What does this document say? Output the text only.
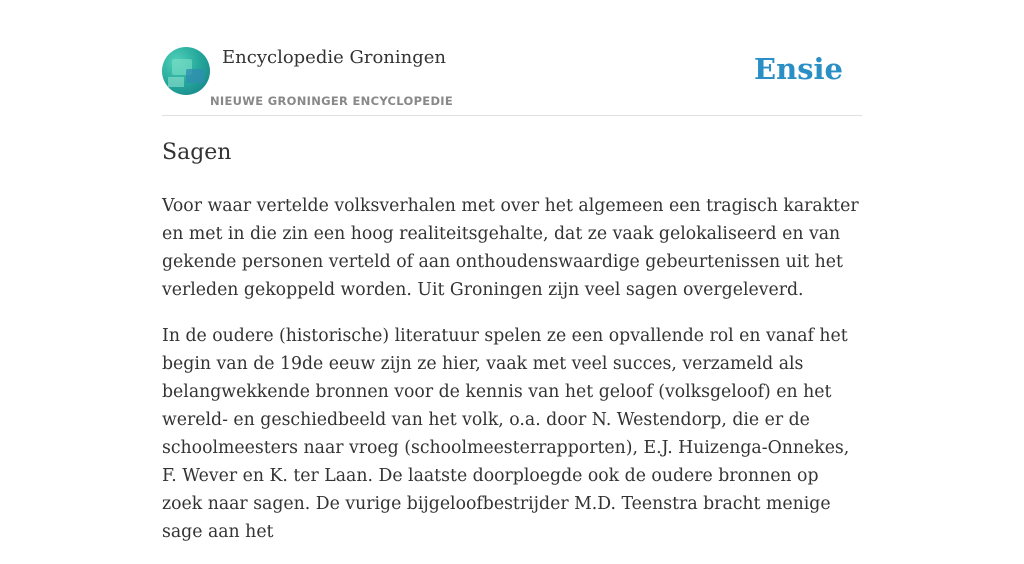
Encyclopedie Groningen
NIEUWE GRONINGER ENCYCLOPEDIE
Ensie
Sagen

Voor waar vertelde volksverhalen met over het algemeen een tragisch karakter en met in die zin een hoog realiteitsgehalte, dat ze vaak gelokaliseerd en van gekende personen verteld of aan onthoudenswaardige gebeurtenissen uit het verleden gekoppeld worden. Uit Groningen zijn veel sagen overgeleverd.

In de oudere (historische) literatuur spelen ze een opvallende rol en vanaf het begin van de 19de eeuw zijn ze hier, vaak met veel succes, verzameld als belangwekkende bronnen voor de kennis van het geloof (volksgeloof) en het wereld- en geschiedbeeld van het volk, o.a. door N. Westendorp, die er de schoolmeesters naar vroeg (schoolmeesterrapporten), E.J. Huizenga-Onnekes, F. Wever en K. ter Laan. De laatste doorploegde ook de oudere bronnen op zoek naar sagen. De vurige bijgeloofbestrijder M.D. Teenstra bracht menige sage aan het
